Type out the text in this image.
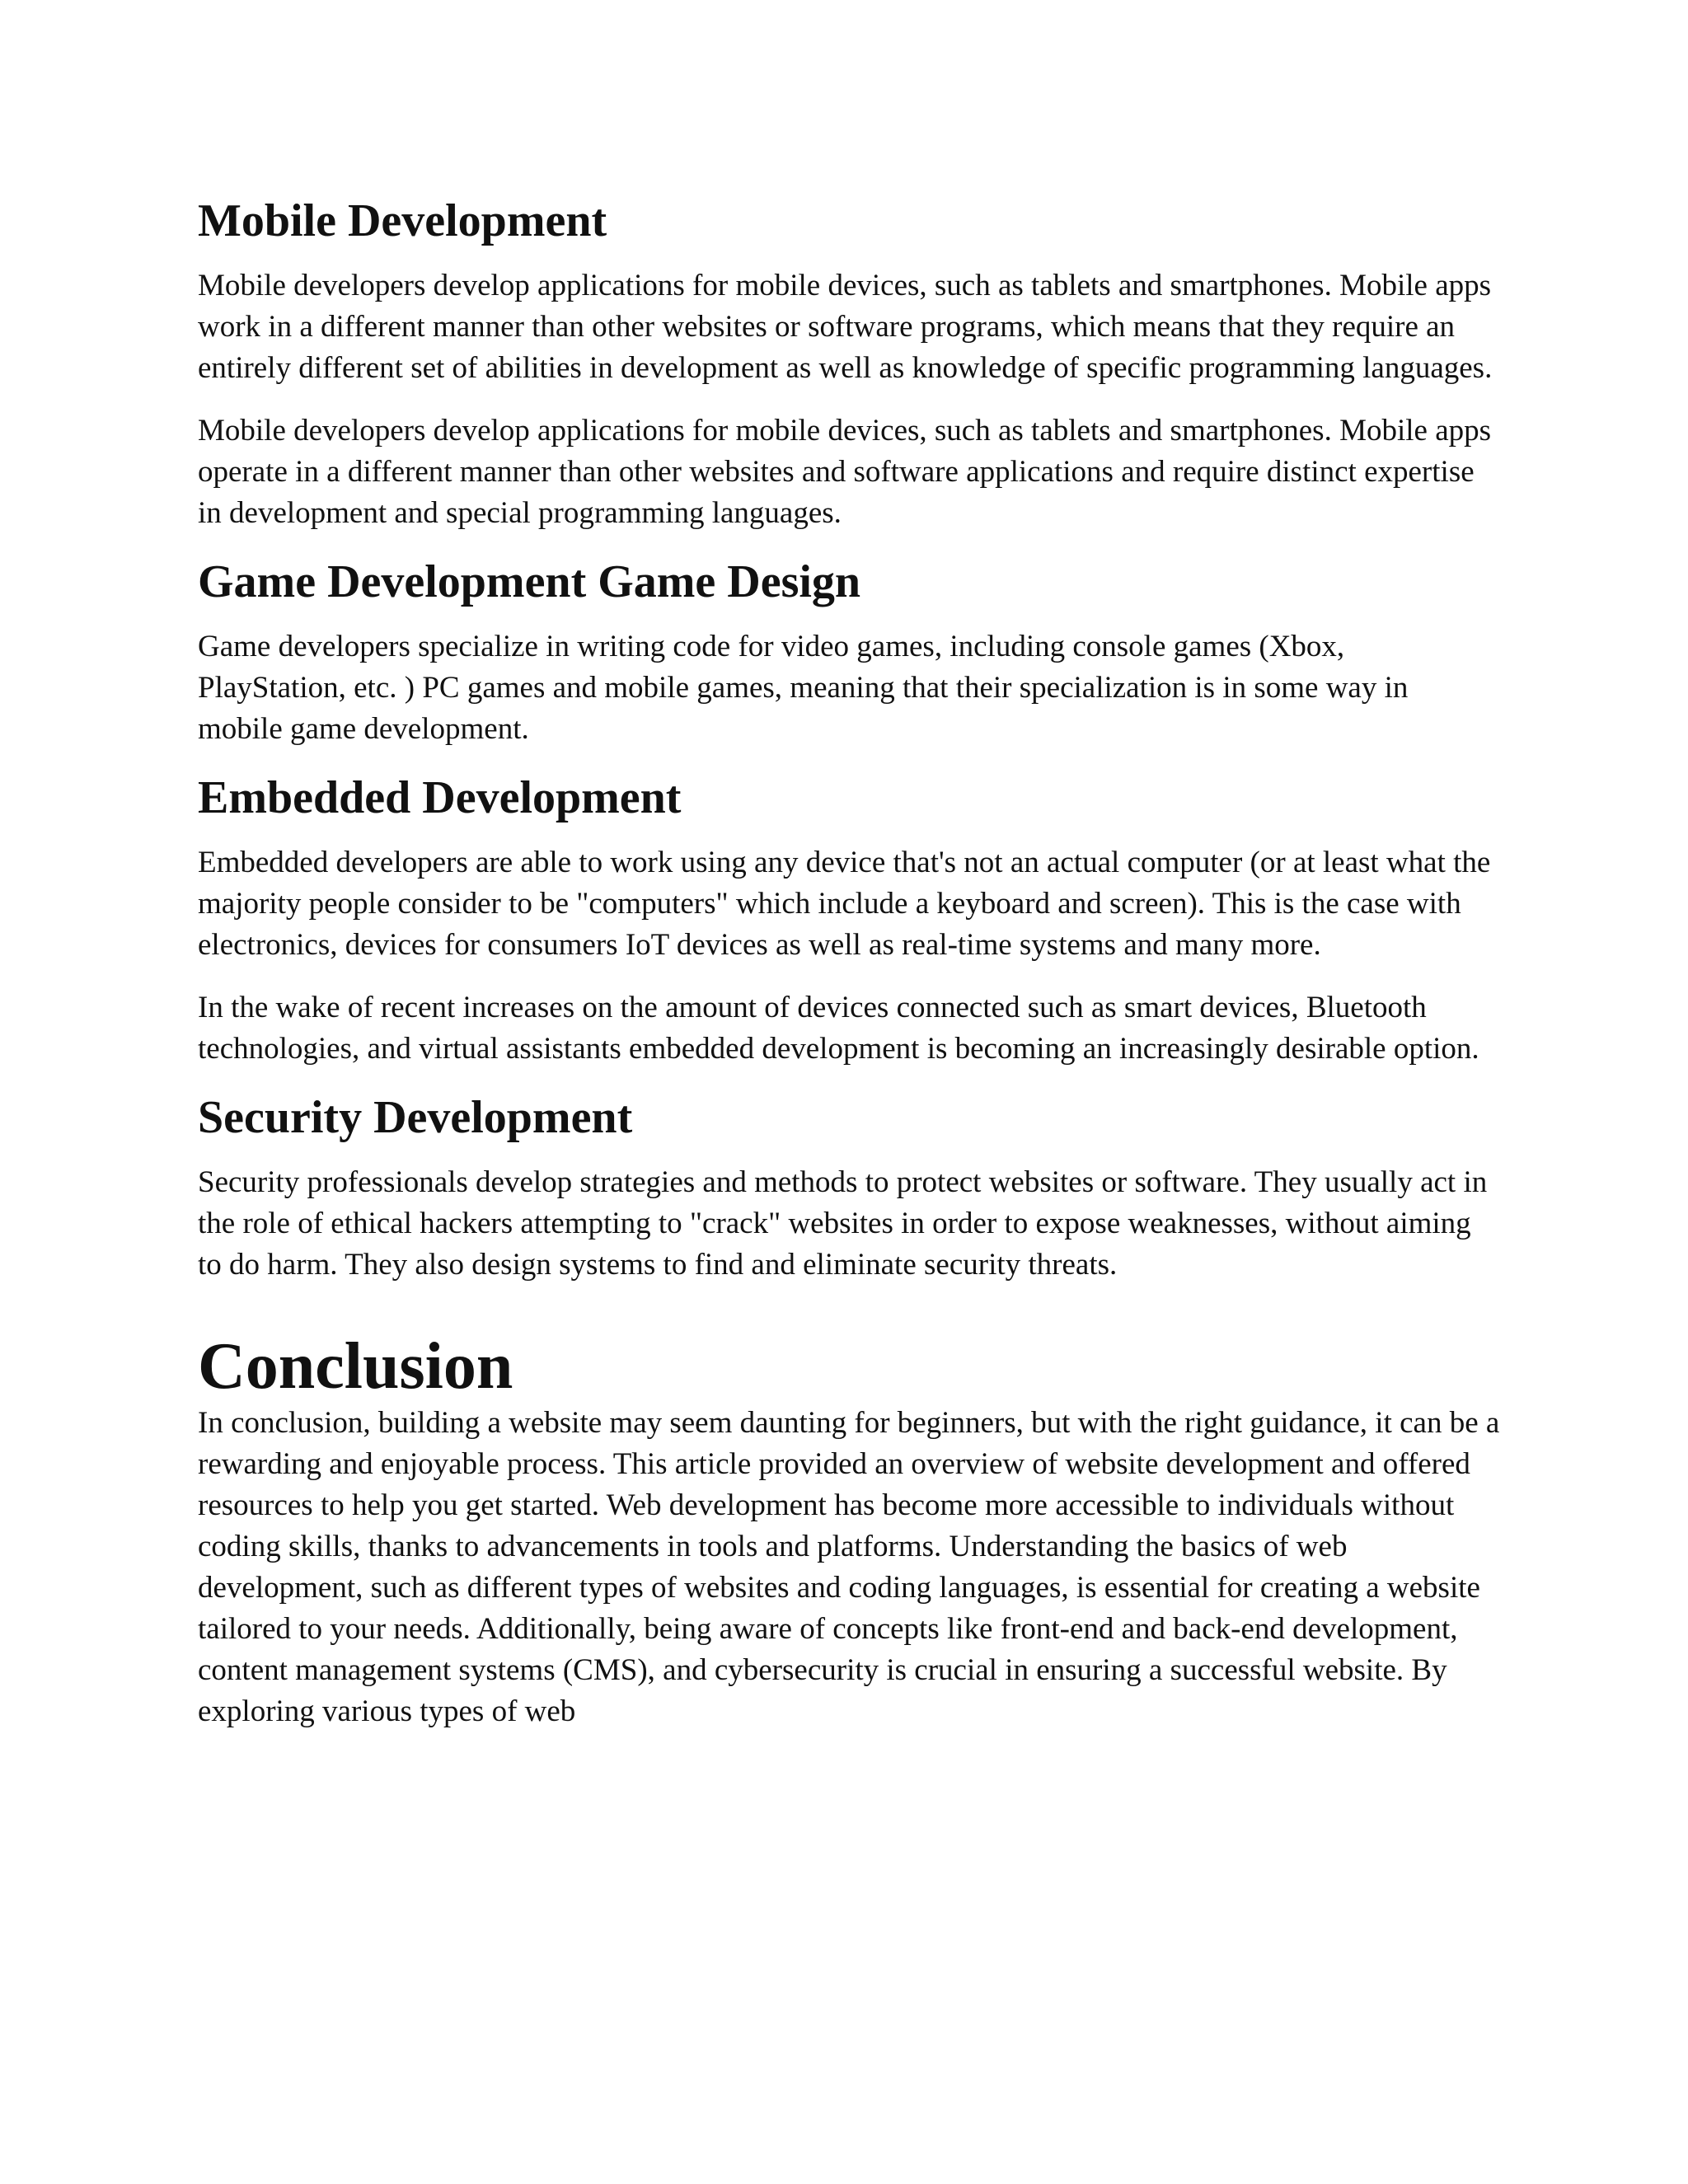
Mobile Development

Mobile developers develop applications for mobile devices, such as tablets and smartphones. Mobile apps work in a different manner than other websites or software programs, which means that they require an entirely different set of abilities in development as well as knowledge of specific programming languages.

Mobile developers develop applications for mobile devices, such as tablets and smartphones. Mobile apps operate in a different manner than other websites and software applications and require distinct expertise in development and special programming languages.

Game Development Game Design

Game developers specialize in writing code for video games, including console games (Xbox, PlayStation, etc. ) PC games and mobile games, meaning that their specialization is in some way in mobile game development.

Embedded Development

Embedded developers are able to work using any device that's not an actual computer (or at least what the majority people consider to be "computers" which include a keyboard and screen). This is the case with electronics, devices for consumers IoT devices as well as real-time systems and many more.

In the wake of recent increases on the amount of devices connected such as smart devices, Bluetooth technologies, and virtual assistants embedded development is becoming an increasingly desirable option.

Security Development

Security professionals develop strategies and methods to protect websites or software. They usually act in the role of ethical hackers attempting to "crack" websites in order to expose weaknesses, without aiming to do harm. They also design systems to find and eliminate security threats.

Conclusion

In conclusion, building a website may seem daunting for beginners, but with the right guidance, it can be a rewarding and enjoyable process. This article provided an overview of website development and offered resources to help you get started. Web development has become more accessible to individuals without coding skills, thanks to advancements in tools and platforms. Understanding the basics of web development, such as different types of websites and coding languages, is essential for creating a website tailored to your needs. Additionally, being aware of concepts like front-end and back-end development, content management systems (CMS), and cybersecurity is crucial in ensuring a successful website. By exploring various types of web
